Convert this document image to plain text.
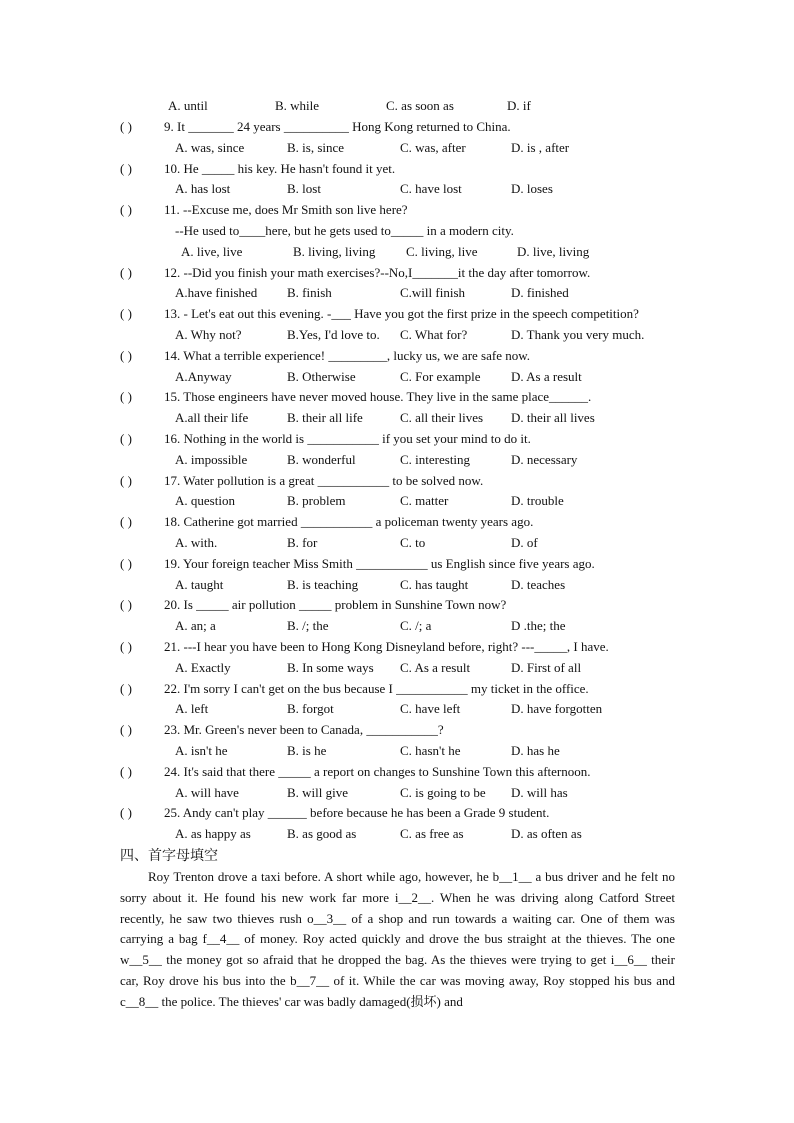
A. until	B. while	C. as soon as	D. if
( ) 9. It _______ 24 years __________ Hong Kong returned to China.
A. was, since	B. is, since	C. was, after	D. is , after
( ) 10. He _____ his key. He hasn't found it yet.
A. has lost	B. lost	C. have lost	D. loses
( ) 11. --Excuse me, does Mr Smith son live here?
--He used to____here, but he gets used to_____ in a modern city.
A. live, live	B. living, living C. living, live	D. live, living
( ) 12. --Did you finish your math exercises?--No,I_______it the day after tomorrow.
A.have finished B. finish	C.will finish	D. finished
( ) 13. - Let's eat out this evening. -___ Have you got the first prize in the speech competition?
A. Why not?	B.Yes, I'd love to. C. What for?	D. Thank you very much.
( ) 14. What a terrible experience! _________, lucky us, we are safe now.
A.Anyway	B. Otherwise	C. For example D. As a result
( ) 15. Those engineers have never moved house. They live in the same place______.
A.all their life	B. their all life	C. all their lives D. their all lives
( ) 16. Nothing in the world is ___________ if you set your mind to do it.
A. impossible	B. wonderful	C. interesting	D. necessary
( ) 17. Water pollution is a great ___________ to be solved now.
A. question	B. problem	C. matter	D. trouble
( ) 18. Catherine got married ___________ a policeman twenty years ago.
A. with.	B. for	C. to	D. of
( ) 19. Your foreign teacher Miss Smith ___________ us English since five years ago.
A. taught	B. is teaching	C. has taught	D. teaches
( ) 20. Is _____ air pollution _____ problem in Sunshine Town now?
A. an; a	B. /; the	C. /; a	D .the; the
( ) 21. ---I hear you have been to Hong Kong Disneyland before, right? ---_____, I have.
A. Exactly	B. In some ways C. As a result	D. First of all
( ) 22. I'm sorry I can't get on the bus because I ___________ my ticket in the office.
A. left	B. forgot	C. have left	D. have forgotten
( ) 23. Mr. Green's never been to Canada, ___________?
A. isn't he	B. is he	C. hasn't he	D. has he
( ) 24. It's said that there _____ a report on changes to Sunshine Town this afternoon.
A. will have	B. will give	C. is going to be D. will has
( ) 25. Andy can't play ______ before because he has been a Grade 9 student.
A. as happy as	B. as good as	C. as free as	D. as often as
四、首字母填空

Roy Trenton drove a taxi before. A short while ago, however, he b__1__ a bus driver and he felt no sorry about it. He found his new work far more i__2__. When he was driving along Catford Street recently, he saw two thieves rush o__3__ of a shop and run towards a waiting car. One of them was carrying a bag f__4__ of money. Roy acted quickly and drove the bus straight at the thieves. The one w__5__ the money got so afraid that he dropped the bag. As the thieves were trying to get i__6__ their car, Roy drove his bus into the b__7__ of it. While the car was moving away, Roy stopped his bus and c__8__ the police. The thieves' car was badly damaged(损坏) and
